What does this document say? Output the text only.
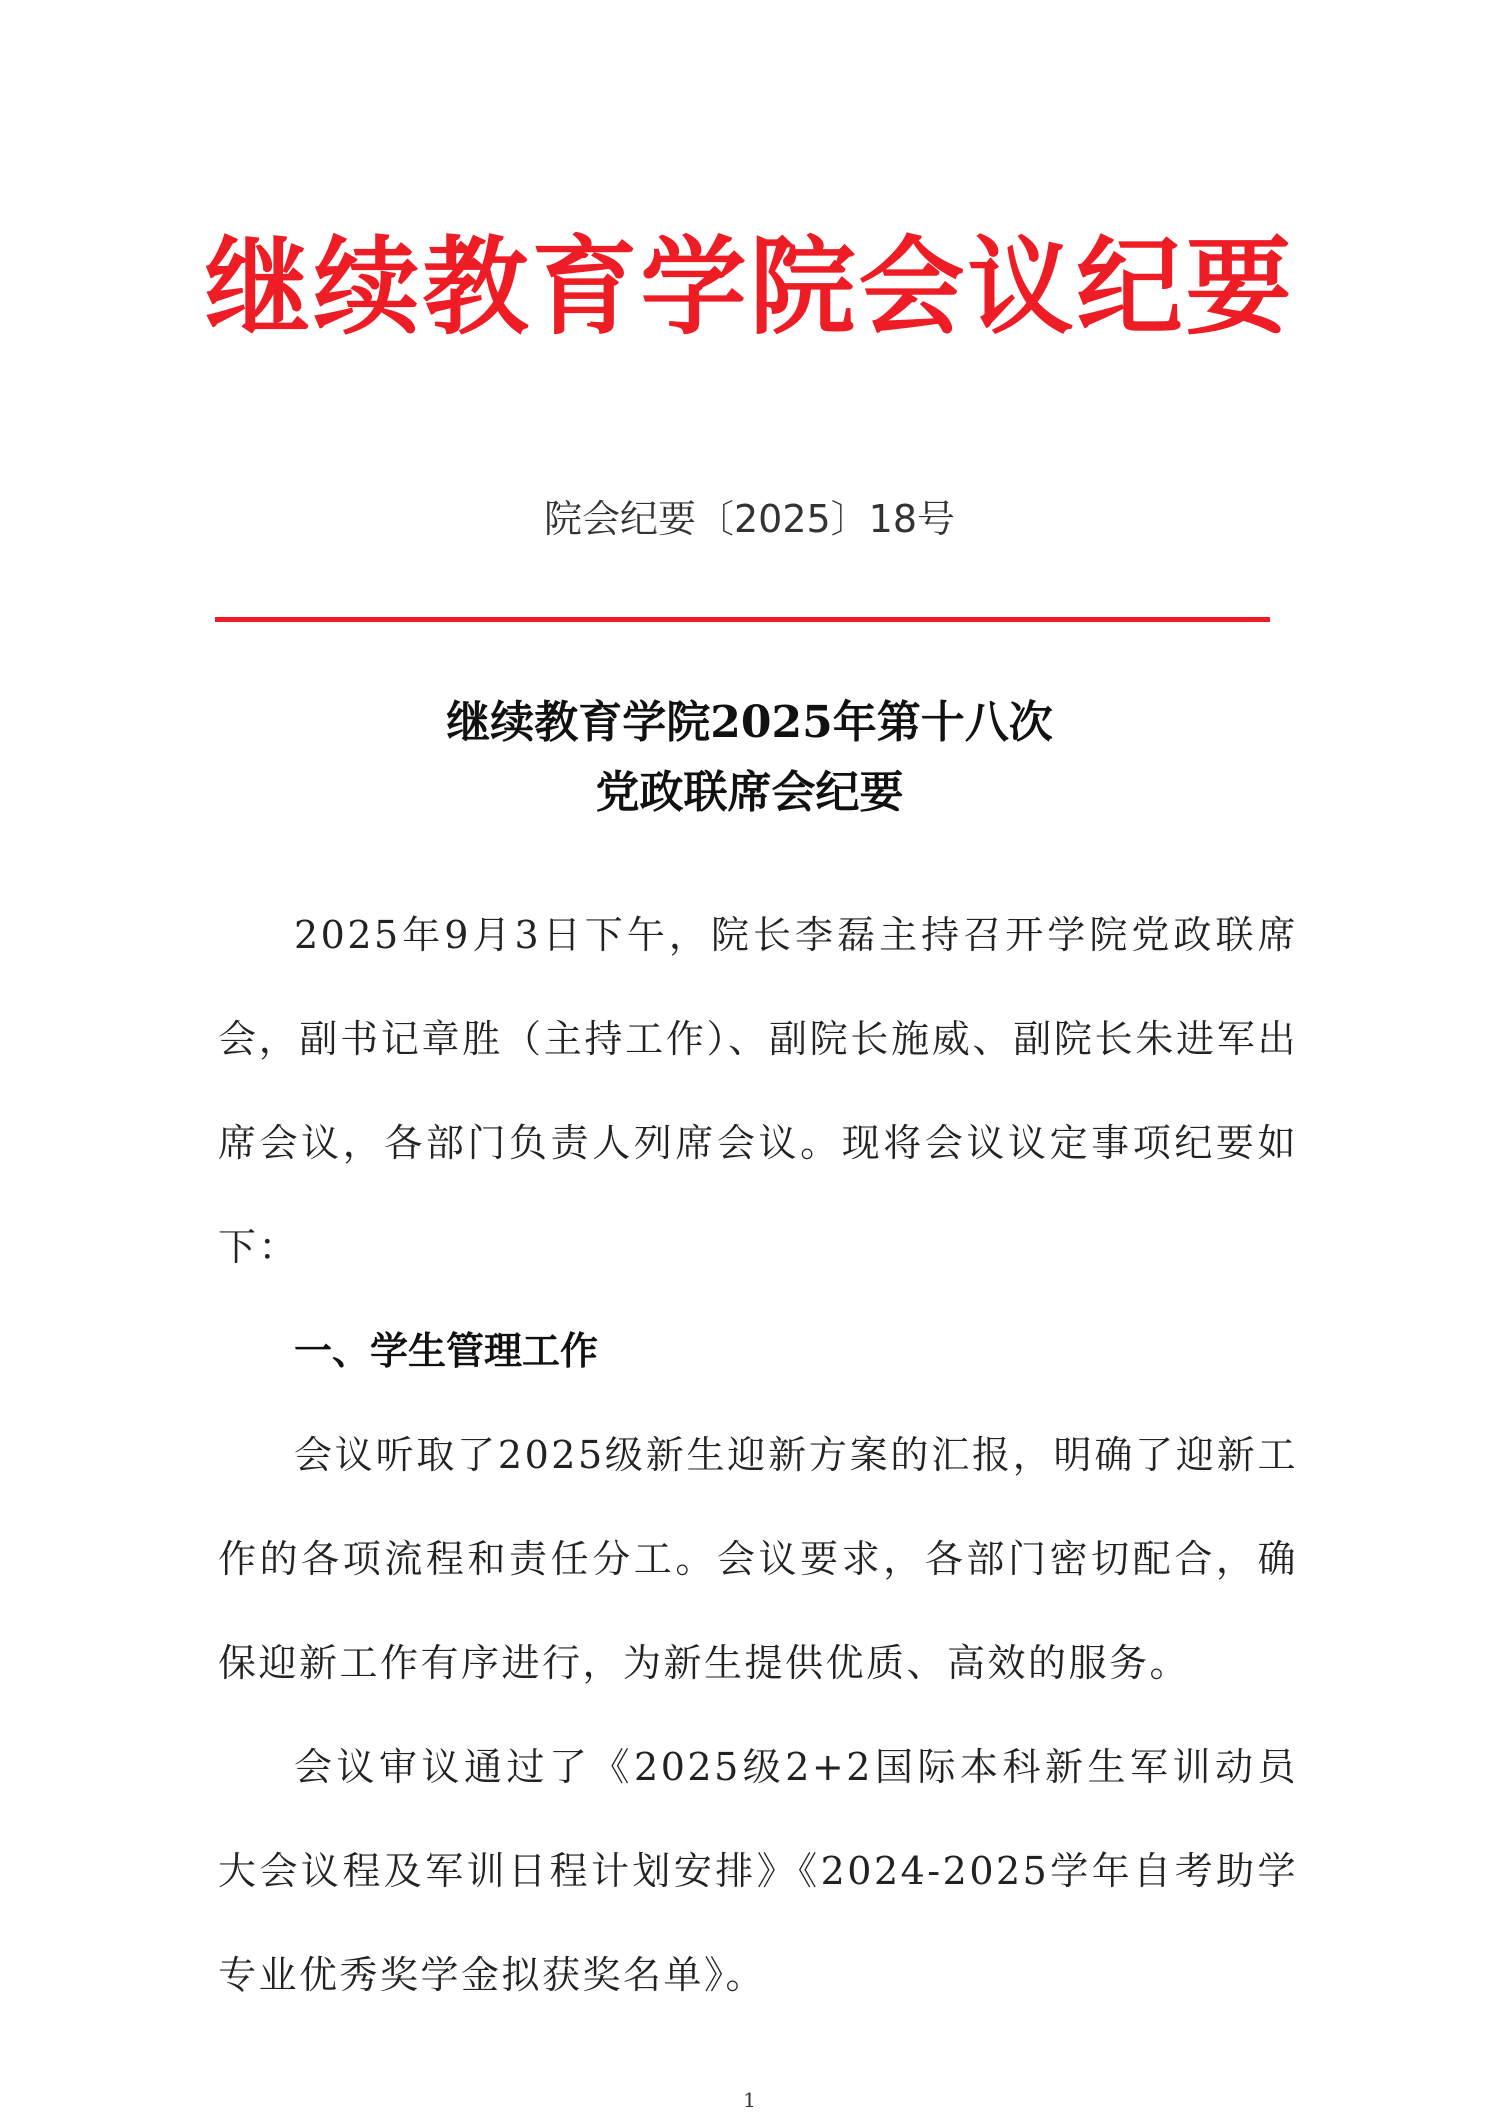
继续教育学院会议纪要
院会纪要〔2025〕18号
继续教育学院2025年第十八次
党政联席会纪要

2025年9月3日下午，院长李磊主持召开学院党政联席会，副书记章胜（主持工作）、副院长施威、副院长朱进军出席会议，各部门负责人列席会议。现将会议议定事项纪要如下：

一、学生管理工作

会议听取了2025级新生迎新方案的汇报，明确了迎新工作的各项流程和责任分工。会议要求，各部门密切配合，确保迎新工作有序进行，为新生提供优质、高效的服务。

会议审议通过了《2025级2+2国际本科新生军训动员大会议程及军训日程计划安排》《2024-2025学年自考助学专业优秀奖学金拟获奖名单》。

1
